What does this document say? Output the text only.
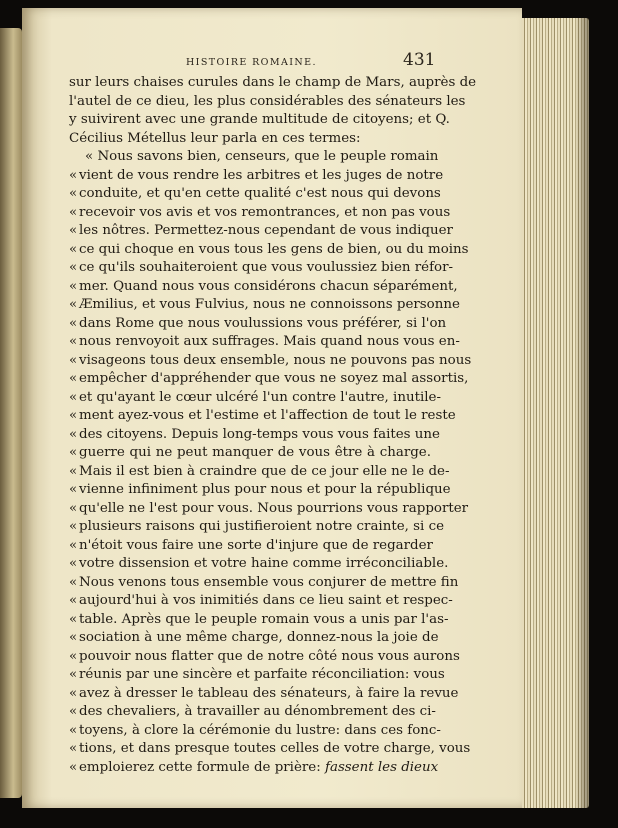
HISTOIRE ROMAINE.	431
sur leurs chaises curules dans le champ de Mars, auprès de
l'autel de ce dieu, les plus considérables des sénateurs les
y suivirent avec une grande multitude de citoyens; et Q.
Cécilius Métellus leur parla en ces termes:
« Nous savons bien, censeurs, que le peuple romain
« vient de vous rendre les arbitres et les juges de notre
« conduite, et qu'en cette qualité c'est nous qui devons
« recevoir vos avis et vos remontrances, et non pas vous
« les nôtres. Permettez-nous cependant de vous indiquer
« ce qui choque en vous tous les gens de bien, ou du moins
« ce qu'ils souhaiteroient que vous voulussiez bien réfor-
« mer. Quand nous vous considérons chacun séparément,
« Æmilius, et vous Fulvius, nous ne connoissons personne
« dans Rome que nous voulussions vous préférer, si l'on
« nous renvoyoit aux suffrages. Mais quand nous vous en-
« visageons tous deux ensemble, nous ne pouvons pas nous
« empêcher d'appréhender que vous ne soyez mal assortis,
« et qu'ayant le cœur ulcéré l'un contre l'autre, inutile-
« ment ayez-vous et l'estime et l'affection de tout le reste
« des citoyens. Depuis long-temps vous vous faites une
« guerre qui ne peut manquer de vous être à charge.
« Mais il est bien à craindre que de ce jour elle ne le de-
« vienne infiniment plus pour nous et pour la république
« qu'elle ne l'est pour vous. Nous pourrions vous rapporter
« plusieurs raisons qui justifieroient notre crainte, si ce
« n'étoit vous faire une sorte d'injure que de regarder
« votre dissension et votre haine comme irréconciliable.
« Nous venons tous ensemble vous conjurer de mettre fin
« aujourd'hui à vos inimitiés dans ce lieu saint et respec-
« table. Après que le peuple romain vous a unis par l'as-
« sociation à une même charge, donnez-nous la joie de
« pouvoir nous flatter que de notre côté nous vous aurons
« réunis par une sincère et parfaite réconciliation: vous
« avez à dresser le tableau des sénateurs, à faire la revue
« des chevaliers, à travailler au dénombrement des ci-
« toyens, à clore la cérémonie du lustre: dans ces fonc-
« tions, et dans presque toutes celles de votre charge, vous
« emploierez cette formule de prière: fassent les dieux
